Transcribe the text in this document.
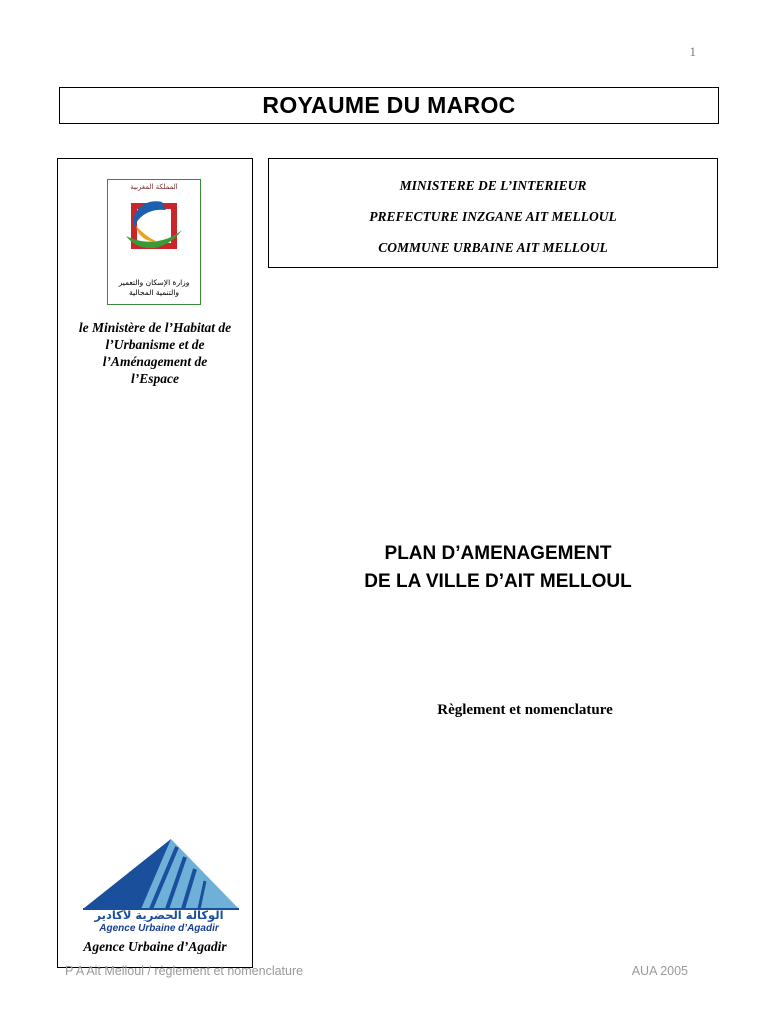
1
ROYAUME DU MAROC
المملكة المغربية
وزارة الإسكان والتعمير
والتنمية المجالية
le Ministère de l’Habitat de
l’Urbanisme et de
l’Aménagement de
l’Espace
الوكالة الحضرية لأكادير
Agence Urbaine d’Agadir
Agence Urbaine d’Agadir
MINISTERE DE L’INTERIEUR
PREFECTURE INZGANE AIT MELLOUL
COMMUNE URBAINE AIT MELLOUL
PLAN D’AMENAGEMENT
DE LA VILLE D’AIT MELLOUL
Règlement et nomenclature
P A Ait Melloul / règlement et nomenclature	AUA 2005
